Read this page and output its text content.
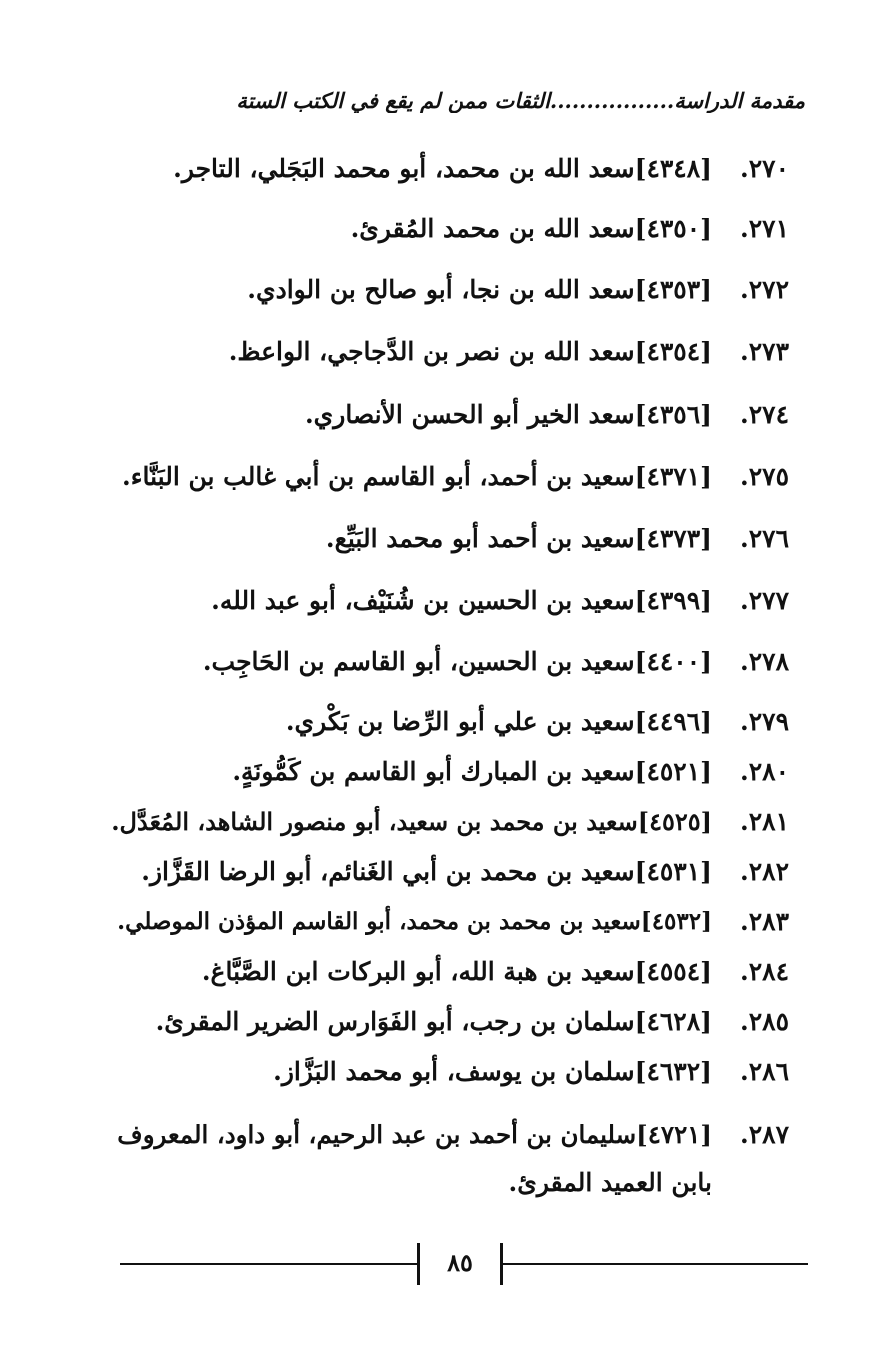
مقدمة الدراسة.................الثقات ممن لم يقع في الكتب الستة
٢٧٠.
[٤٣٤٨]سعد الله بن محمد، أبو محمد البَجَلي، التاجر.
٢٧١.
[٤٣٥٠]سعد الله بن محمد المُقرئ.
٢٧٢.
[٤٣٥٣]سعد الله بن نجا، أبو صالح بن الوادي.
٢٧٣.
[٤٣٥٤]سعد الله بن نصر بن الدَّجاجي، الواعظ.
٢٧٤.
[٤٣٥٦]سعد الخير أبو الحسن الأنصاري.
٢٧٥.
[٤٣٧١]سعيد بن أحمد، أبو القاسم بن أبي غالب بن البَنَّاء.
٢٧٦.
[٤٣٧٣]سعيد بن أحمد أبو محمد البَيِّع.
٢٧٧.
[٤٣٩٩]سعيد بن الحسين بن شُنَيْف، أبو عبد الله.
٢٧٨.
[٤٤٠٠]سعيد بن الحسين، أبو القاسم بن الحَاجِب.
٢٧٩.
[٤٤٩٦]سعيد بن علي أبو الرِّضا بن بَكْري.
٢٨٠.
[٤٥٢١]سعيد بن المبارك أبو القاسم بن كَمُّونَةٍ.
٢٨١.
[٤٥٢٥]سعيد بن محمد بن سعيد، أبو منصور الشاهد، المُعَدَّل.
٢٨٢.
[٤٥٣١]سعيد بن محمد بن أبي الغَنائم، أبو الرضا القَزَّاز.
٢٨٣.
[٤٥٣٢]سعيد بن محمد بن محمد، أبو القاسم المؤذن الموصلي.
٢٨٤.
[٤٥٥٤]سعيد بن هبة الله، أبو البركات ابن الصَّبَّاغ.
٢٨٥.
[٤٦٢٨]سلمان بن رجب، أبو الفَوَارس الضرير المقرئ.
٢٨٦.
[٤٦٣٢]سلمان بن يوسف، أبو محمد البَزَّاز.
٢٨٧.
[٤٧٢١]سليمان بن أحمد بن عبد الرحيم، أبو داود، المعروف
بابن العميد المقرئ.
٨٥
